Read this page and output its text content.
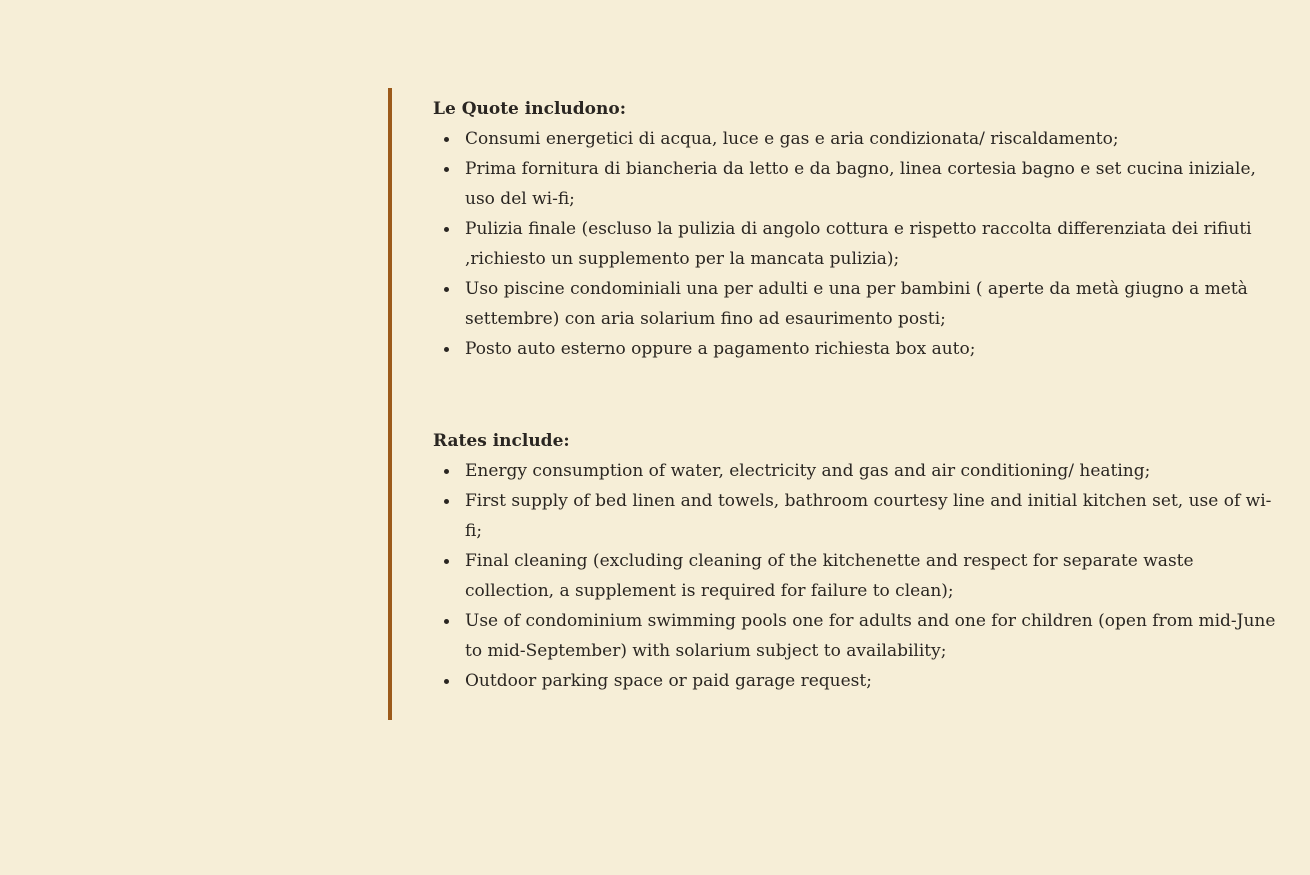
Le Quote includono:

Consumi energetici di acqua, luce e gas e aria condizionata/ riscaldamento;
Prima fornitura di biancheria da letto e da bagno, linea cortesia bagno e set cucina iniziale, uso del wi-fi;
Pulizia finale (escluso la pulizia di angolo cottura e rispetto raccolta differenziata dei rifiuti ,richiesto un supplemento per la mancata pulizia);
Uso piscine condominiali una per adulti e una per bambini ( aperte da metà giugno a metà settembre) con aria solarium fino ad esaurimento posti;
Posto auto esterno oppure a pagamento richiesta box auto;

Rates include:

Energy consumption of water, electricity and gas and air conditioning/ heating;
First supply of bed linen and towels, bathroom courtesy line and initial kitchen set, use of wi-fi;
Final cleaning (excluding cleaning of the kitchenette and respect for separate waste collection, a supplement is required for failure to clean);
Use of condominium swimming pools one for adults and one for children (open from mid-June to mid-September) with solarium subject to availability;
Outdoor parking space or paid garage request;
